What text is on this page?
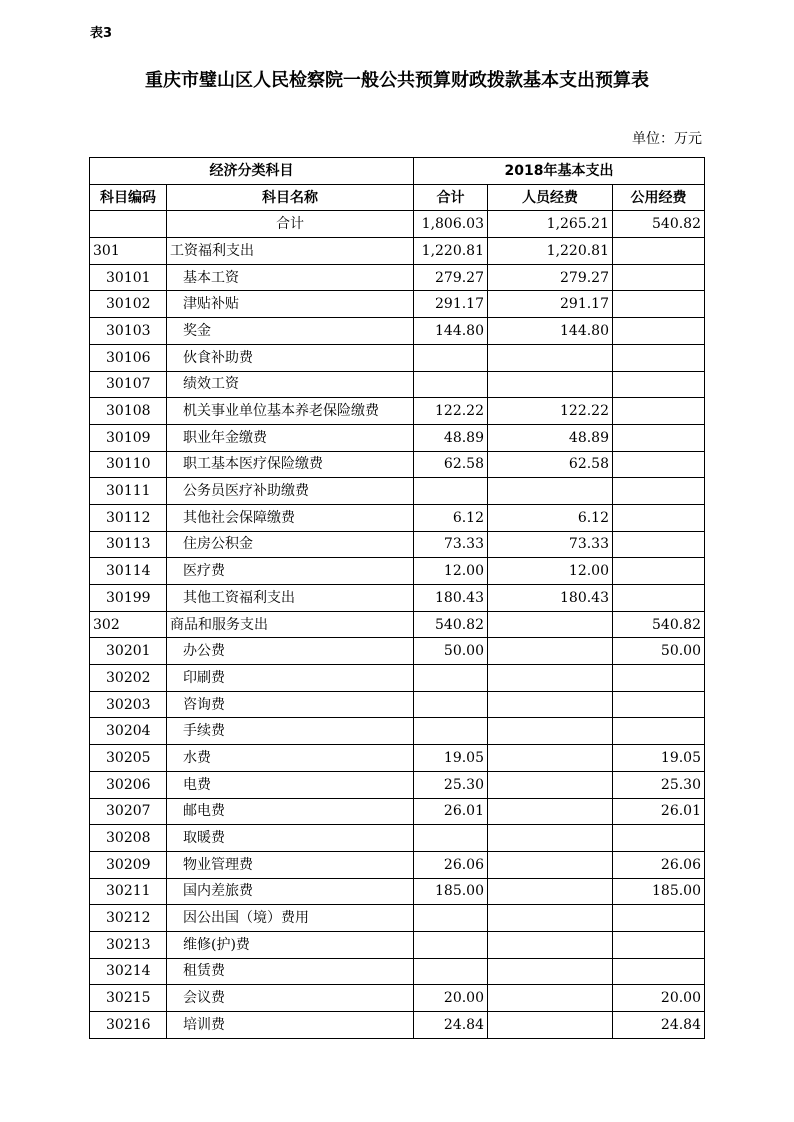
表3
重庆市璧山区人民检察院一般公共预算财政拨款基本支出预算表
单位：万元
经济分类科目		2018年基本支出		
科目编码	科目名称	合计	人员经费	公用经费
	合计	1,806.03	1,265.21	540.82
301	工资福利支出	1,220.81	1,220.81	
30101	基本工资	279.27	279.27	
30102	津贴补贴	291.17	291.17	
30103	奖金	144.80	144.80	
30106	伙食补助费			
30107	绩效工资			
30108	机关事业单位基本养老保险缴费	122.22	122.22	
30109	职业年金缴费	48.89	48.89	
30110	职工基本医疗保险缴费	62.58	62.58	
30111	公务员医疗补助缴费			
30112	其他社会保障缴费	6.12	6.12	
30113	住房公积金	73.33	73.33	
30114	医疗费	12.00	12.00	
30199	其他工资福利支出	180.43	180.43	
302	商品和服务支出	540.82		540.82
30201	办公费	50.00		50.00
30202	印刷费			
30203	咨询费			
30204	手续费			
30205	水费	19.05		19.05
30206	电费	25.30		25.30
30207	邮电费	26.01		26.01
30208	取暖费			
30209	物业管理费	26.06		26.06
30211	国内差旅费	185.00		185.00
30212	因公出国（境）费用			
30213	维修(护)费			
30214	租赁费			
30215	会议费	20.00		20.00
30216	培训费	24.84		24.84
